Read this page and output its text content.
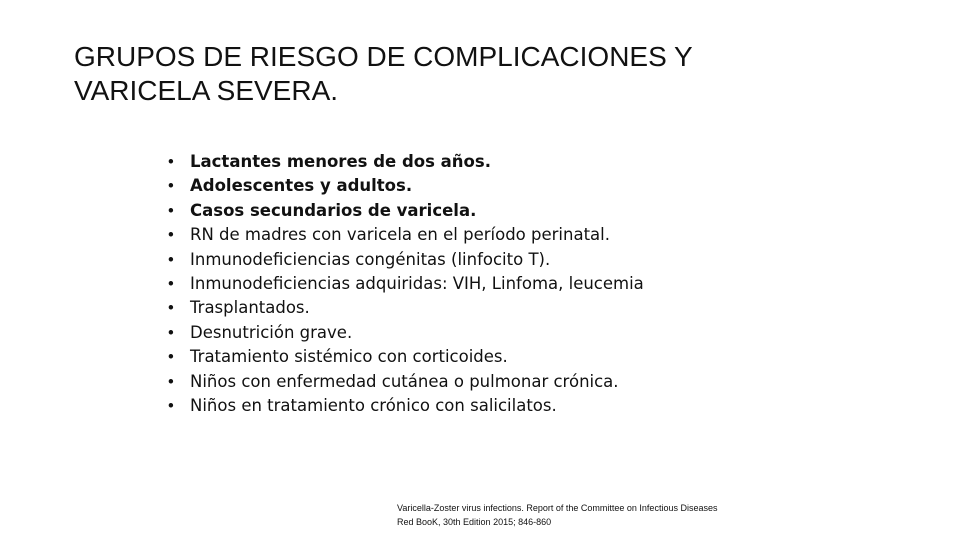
GRUPOS DE RIESGO DE COMPLICACIONES Y
VARICELA SEVERA.
• Lactantes menores de dos años.
• Adolescentes y adultos.
• Casos secundarios de varicela.
• RN de madres con varicela en el período perinatal.
• Inmunodeficiencias congénitas (linfocito T).
• Inmunodeficiencias adquiridas: VIH, Linfoma, leucemia
• Trasplantados.
• Desnutrición grave.
• Tratamiento sistémico con corticoides.
• Niños con enfermedad cutánea o pulmonar crónica.
• Niños en tratamiento crónico con salicilatos.
Varicella-Zoster virus infections. Report of the Committee on Infectious Diseases
Red BooK, 30th Edition 2015; 846-860
